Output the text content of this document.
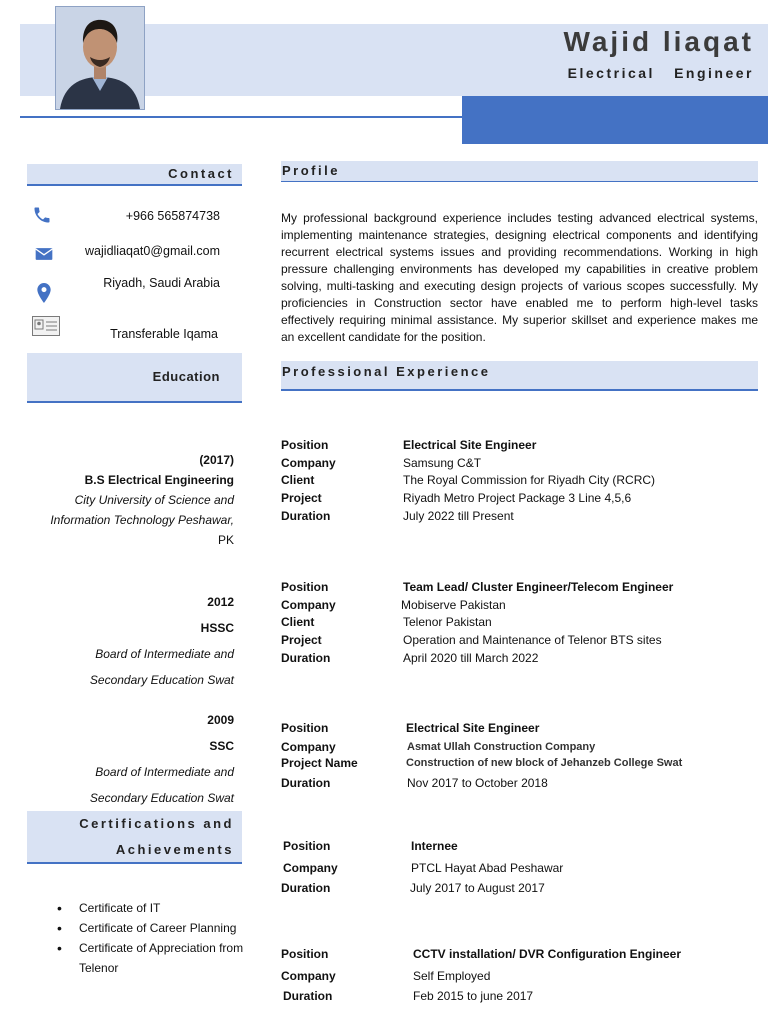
Wajid liaqat
Electrical   Engineer
Contact
+966 565874738
wajidliaqat0@gmail.com
Riyadh, Saudi Arabia
Transferable Iqama
Education
(2017)
B.S Electrical Engineering
City University of Science and
Information Technology Peshawar,
PK
2012
HSSC
Board of Intermediate and
Secondary Education Swat
2009
SSC
Board of Intermediate and
Secondary Education Swat
Certifications and
Achievements
• Certificate of IT
• Certificate of Career Planning
• Certificate of Appreciation from Telenor
Profile
My professional background experience includes testing advanced electrical systems, implementing maintenance strategies, designing electrical components and identifying recurrent electrical systems issues and providing recommendations. Working in high pressure challenging environments has developed my capabilities in creative problem solving, multi-tasking and executing design projects of various scopes successfully. My proficiencies in Construction sector have enabled me to perform high-level tasks effectively requiring minimal assistance. My superior skillset and experience makes me an excellent candidate for the position.
Professional Experience
Position	Electrical Site Engineer
Company	Samsung C&T
Client	The Royal Commission for Riyadh City (RCRC)
Project	Riyadh Metro Project Package 3 Line 4,5,6
Duration	July 2022 till Present
Position	Team Lead/ Cluster Engineer/Telecom Engineer
Company	Mobiserve Pakistan
Client	Telenor Pakistan
Project	Operation and Maintenance of Telenor BTS sites
Duration	April 2020 till March 2022
Position	Electrical Site Engineer
Company	Asmat Ullah Construction Company
Project Name	Construction of new block of Jehanzeb College Swat
Duration	Nov 2017 to October 2018
Position	Internee
Company	PTCL Hayat Abad Peshawar
Duration	July 2017 to August 2017
Position	CCTV installation/ DVR Configuration Engineer
Company	Self Employed
Duration	Feb 2015 to june 2017
